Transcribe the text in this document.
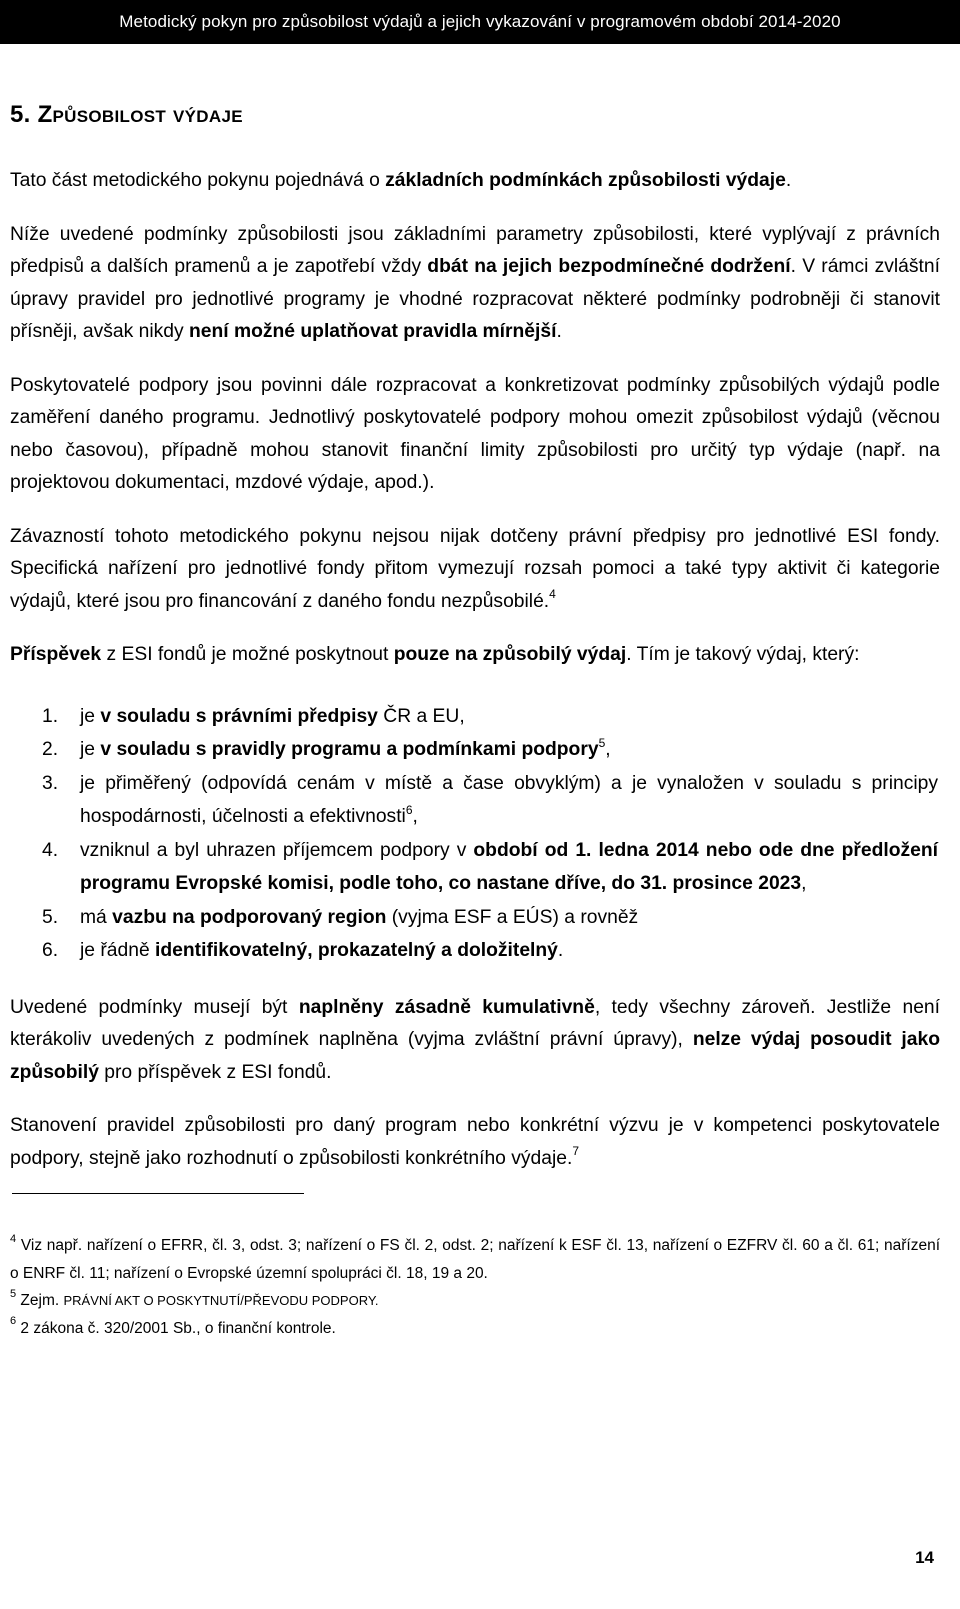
Metodický pokyn pro způsobilost výdajů a jejich vykazování v programovém období 2014-2020
5. Způsobilost výdaje

Tato část metodického pokynu pojednává o základních podmínkách způsobilosti výdaje.

Níže uvedené podmínky způsobilosti jsou základními parametry způsobilosti, které vyplývají z právních předpisů a dalších pramenů a je zapotřebí vždy dbát na jejich bezpodmínečné dodržení. V rámci zvláštní úpravy pravidel pro jednotlivé programy je vhodné rozpracovat některé podmínky podrobněji či stanovit přísněji, avšak nikdy není možné uplatňovat pravidla mírnější.

Poskytovatelé podpory jsou povinni dále rozpracovat a konkretizovat podmínky způsobilých výdajů podle zaměření daného programu. Jednotlivý poskytovatelé podpory mohou omezit způsobilost výdajů (věcnou nebo časovou), případně mohou stanovit finanční limity způsobilosti pro určitý typ výdaje (např. na projektovou dokumentaci, mzdové výdaje, apod.).

Závazností tohoto metodického pokynu nejsou nijak dotčeny právní předpisy pro jednotlivé ESI fondy. Specifická nařízení pro jednotlivé fondy přitom vymezují rozsah pomoci a také typy aktivit či kategorie výdajů, které jsou pro financování z daného fondu nezpůsobilé.$^4$

Příspěvek z ESI fondů je možné poskytnout pouze na způsobilý výdaj. Tím je takový výdaj, který:

1.	je v souladu s právními předpisy ČR a EU,
2.	je v souladu s pravidly programu a podmínkami podpory$^5$,
3.	je přiměřený (odpovídá cenám v místě a čase obvyklým) a je vynaložen v souladu s principy hospodárnosti, účelnosti a efektivnosti$^6$,
4.	vzniknul a byl uhrazen příjemcem podpory v období od 1. ledna 2014 nebo ode dne předložení programu Evropské komisi, podle toho, co nastane dříve, do 31. prosince 2023,
5.	má vazbu na podporovaný region (vyjma ESF a EÚS) a rovněž
6.	je řádně identifikovatelný, prokazatelný a doložitelný.

Uvedené podmínky musejí být naplněny zásadně kumulativně, tedy všechny zároveň. Jestliže není kterákoliv uvedených z podmínek naplněna (vyjma zvláštní právní úpravy), nelze výdaj posoudit jako způsobilý pro příspěvek z ESI fondů.

Stanovení pravidel způsobilosti pro daný program nebo konkrétní výzvu je v kompetenci poskytovatele podpory, stejně jako rozhodnutí o způsobilosti konkrétního výdaje.$^7$

$^4$ Viz např. nařízení o EFRR, čl. 3, odst. 3; nařízení o FS čl. 2, odst. 2; nařízení k ESF čl. 13, nařízení o EZFRV čl. 60 a čl. 61; nařízení o ENRF čl. 11; nařízení o Evropské územní spolupráci čl. 18, 19 a 20.

$^5$ Zejm. PRÁVNÍ AKT O POSKYTNUTÍ/PŘEVODU PODPORY.

$^6$ 2 zákona č. 320/2001 Sb., o finanční kontrole.

14
